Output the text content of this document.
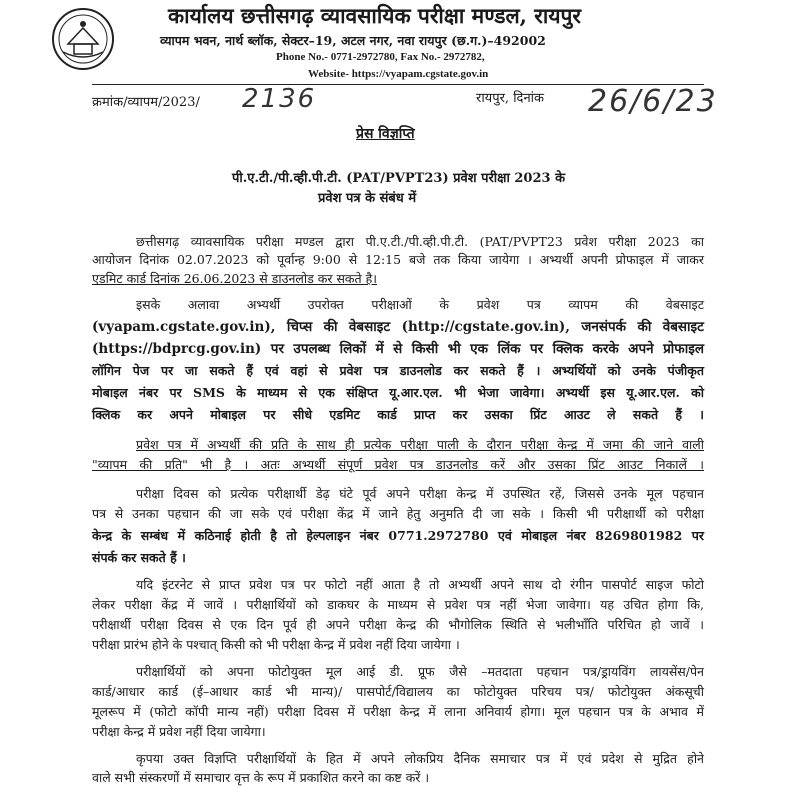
कार्यालय छत्तीसगढ़ व्यावसायिक परीक्षा मण्डल, रायपुर
व्यापम भवन, नार्थ ब्लॉक, सेक्टर–19, अटल नगर, नवा रायपुर (छ.ग.)–492002
Phone No.- 0771-2972780, Fax No.- 2972782,
Website- https://vyapam.cgstate.gov.in
क्रमांक/व्यापम/2023/ 2136	रायपुर, दिनांक 26/6/23
प्रेस विज्ञप्ति
पी.ए.टी./पी.व्ही.पी.टी. (PAT/PVPT23) प्रवेश परीक्षा 2023 के
प्रवेश पत्र के संबंध में
छत्तीसगढ़ व्यावसायिक परीक्षा मण्डल द्वारा पी.ए.टी./पी.व्ही.पी.टी. (PAT/PVPT23 प्रवेश परीक्षा 2023 का
आयोजन दिनांक 02.07.2023 को पूर्वान्ह 9:00 से 12:15 बजे तक किया जायेगा । अभ्यर्थी अपनी प्रोफाइल में जाकर
एडमिट कार्ड दिनांक 26.06.2023 से डाउनलोड कर सकते है।
इसके अलावा अभ्यर्थी उपरोक्त परीक्षाओं के प्रवेश पत्र व्यापम की वेबसाइट
(vyapam.cgstate.gov.in), चिप्स की वेबसाइट (http://cgstate.gov.in), जनसंपर्क की वेबसाइट
(https://bdprcg.gov.in) पर उपलब्ध लिकों में से किसी भी एक लिंक पर क्लिक करके अपने प्रोफाइल
लॉगिन पेज पर जा सकते हैं एवं वहां से प्रवेश पत्र डाउनलोड कर सकते हैं । अभ्यर्थियों को उनके पंजीकृत
मोबाइल नंबर पर SMS के माध्यम से एक संक्षिप्त यू.आर.एल. भी भेजा जावेगा। अभ्यर्थी इस यू.आर.एल. को
क्लिक कर अपने मोबाइल पर सीधे एडमिट कार्ड प्राप्त कर उसका प्रिंट आउट ले सकते हैं ।
प्रवेश पत्र में अभ्यर्थी की प्रति के साथ ही प्रत्येक परीक्षा पाली के दौरान परीक्षा केन्द्र में जमा की जाने वाली
"व्यापम की प्रति" भी है । अतः अभ्यर्थी संपूर्ण प्रवेश पत्र डाउनलोड करें और उसका प्रिंट आउट निकालें ।
परीक्षा दिवस को प्रत्येक परीक्षार्थी डेढ़ घंटे पूर्व अपने परीक्षा केन्द्र में उपस्थित रहें, जिससे उनके मूल पहचान
पत्र से उनका पहचान की जा सके एवं परीक्षा केंद्र में जाने हेतु अनुमति दी जा सके । किसी भी परीक्षार्थी को परीक्षा
केन्द्र के सम्बंध में कठिनाई होती है तो हेल्पलाइन नंबर 0771.2972780 एवं मोबाइल नंबर 8269801982 पर
संपर्क कर सकते हैं ।
यदि इंटरनेट से प्राप्त प्रवेश पत्र पर फोटो नहीं आता है तो अभ्यर्थी अपने साथ दो रंगीन पासपोर्ट साइज फोटो
लेकर परीक्षा केंद्र में जावें । परीक्षार्थियों को डाकघर के माध्यम से प्रवेश पत्र नहीं भेजा जावेगा। यह उचित होगा कि,
परीक्षार्थी परीक्षा दिवस से एक दिन पूर्व ही अपने परीक्षा केन्द्र की भौगोलिक स्थिति से भलीभाँति परिचित हो जावें ।
परीक्षा प्रारंभ होने के पश्चात् किसी को भी परीक्षा केन्द्र में प्रवेश नहीं दिया जायेगा ।
परीक्षार्थियों को अपना फोटोयुक्त मूल आई डी. प्रूफ जैसे –मतदाता पहचान पत्र/ड्रायविंग लायसेंस/पेन
कार्ड/आधार कार्ड (ई–आधार कार्ड भी मान्य)/ पासपोर्ट/विद्यालय का फोटोयुक्त परिचय पत्र/ फोटोयुक्त अंकसूची
मूलरूप में (फोटो कॉपी मान्य नहीं) परीक्षा दिवस में परीक्षा केन्द्र में लाना अनिवार्य होगा। मूल पहचान पत्र के अभाव में
परीक्षा केन्द्र में प्रवेश नहीं दिया जायेगा।
कृपया उक्त विज्ञप्ति परीक्षार्थियों के हित में अपने लोकप्रिय दैनिक समाचार पत्र में एवं प्रदेश से मुद्रित होने
वाले सभी संस्करणों में समाचार वृत्त के रूप में प्रकाशित करने का कष्ट करें ।
